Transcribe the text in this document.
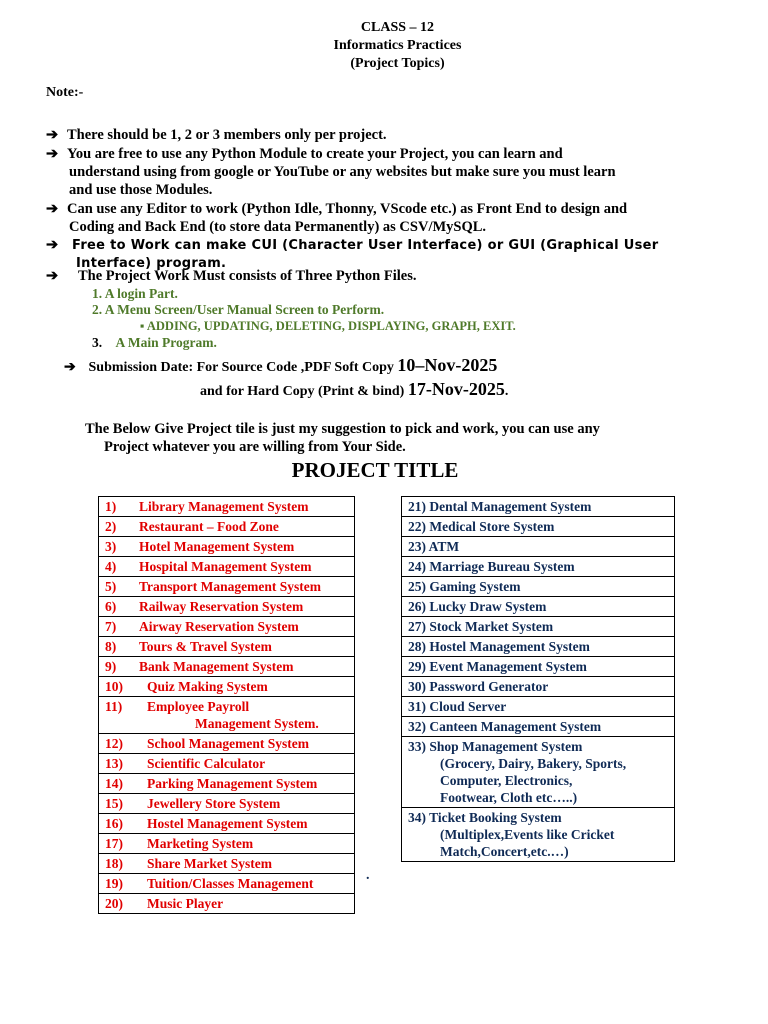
CLASS – 12
Informatics Practices
(Project Topics)
Note:-
➔ There should be 1, 2 or 3 members only per project.
➔ You are free to use any Python Module to create your Project, you can learn and
understand using from google or YouTube or any websites but make sure you must learn
and use those Modules.
➔ Can use any Editor to work (Python Idle, Thonny, VScode etc.) as Front End to design and
Coding and Back End (to store data Permanently) as CSV/MySQL.
➔ Free to Work can make CUI (Character User Interface) or GUI (Graphical User
Interface) program.
➔ The Project Work Must consists of Three Python Files.
1. A login Part.
2. A Menu Screen/User Manual Screen to Perform.
▪ ADDING, UPDATING, DELETING, DISPLAYING, GRAPH, EXIT.
3. A Main Program.
➔ Submission Date: For Source Code ,PDF Soft Copy 10–Nov-2025
and for Hard Copy (Print & bind) 17-Nov-2025.
The Below Give Project tile is just my suggestion to pick and work, you can use any
Project whatever you are willing from Your Side.
PROJECT TITLE
1) Library Management System
2) Restaurant – Food Zone
3) Hotel Management System
4) Hospital Management System
5) Transport Management System
6) Railway Reservation System
7) Airway Reservation System
8) Tours & Travel System
9) Bank Management System
10) Quiz Making System
11) Employee Payroll
Management System.

12) School Management System
13) Scientific Calculator
14) Parking Management System
15) Jewellery Store System
16) Hostel Management System
17) Marketing System
18) Share Market System
19) Tuition/Classes Management
20) Music Player
21) Dental Management System
22) Medical Store System
23) ATM
24) Marriage Bureau System
25) Gaming System
26) Lucky Draw System
27) Stock Market System
28) Hostel Management System
29) Event Management System
30) Password Generator
31) Cloud Server
32) Canteen Management System
33) Shop Management System
(Grocery, Dairy, Bakery, Sports,
Computer, Electronics,
Footwear, Cloth etc…..)

34) Ticket Booking System
(Multiplex,Events like Cricket
Match,Concert,etc.…)
.
